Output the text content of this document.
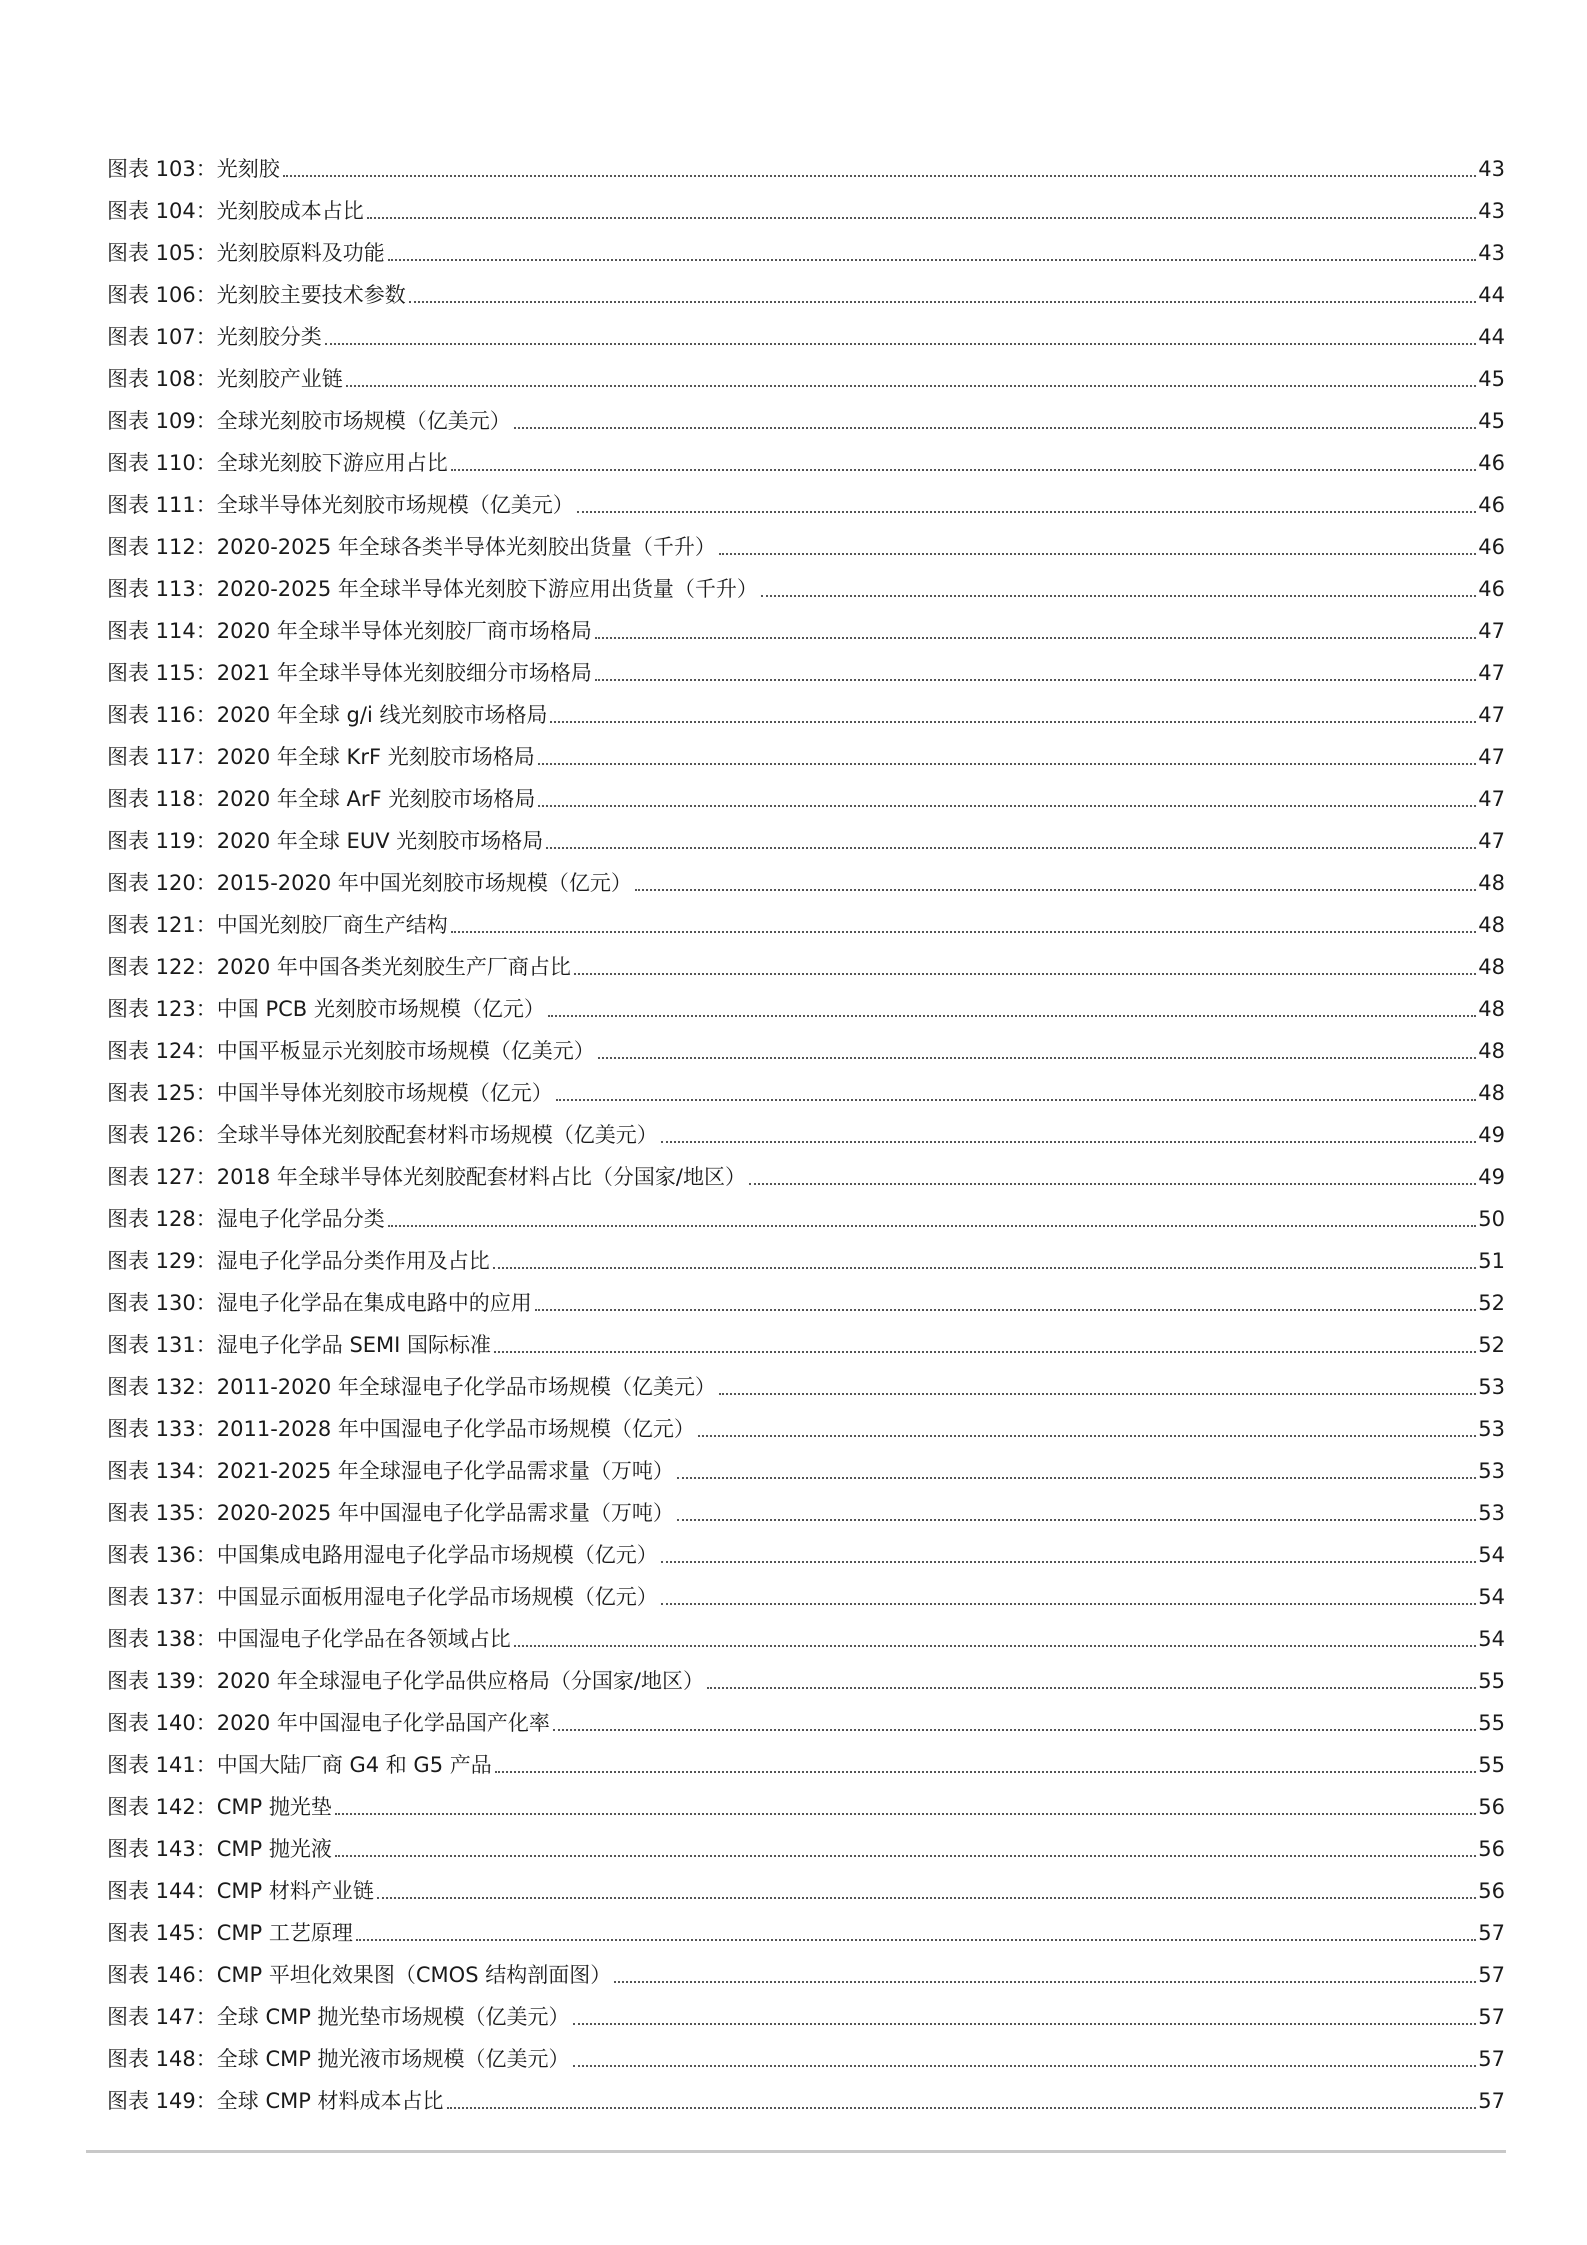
图表 103： 光刻胶	43
图表 104： 光刻胶成本占比	43
图表 105： 光刻胶原料及功能	43
图表 106： 光刻胶主要技术参数	44
图表 107： 光刻胶分类	44
图表 108： 光刻胶产业链	45
图表 109： 全球光刻胶市场规模（亿美元）	45
图表 110： 全球光刻胶下游应用占比	46
图表 111： 全球半导体光刻胶市场规模（亿美元）	46
图表 112： 2020-2025 年全球各类半导体光刻胶出货量（千升）	46
图表 113： 2020-2025 年全球半导体光刻胶下游应用出货量（千升）	46
图表 114： 2020 年全球半导体光刻胶厂商市场格局	47
图表 115： 2021 年全球半导体光刻胶细分市场格局	47
图表 116： 2020 年全球 g/i 线光刻胶市场格局	47
图表 117： 2020 年全球 KrF 光刻胶市场格局	47
图表 118： 2020 年全球 ArF 光刻胶市场格局	47
图表 119： 2020 年全球 EUV 光刻胶市场格局	47
图表 120： 2015-2020 年中国光刻胶市场规模（亿元）	48
图表 121： 中国光刻胶厂商生产结构	48
图表 122： 2020 年中国各类光刻胶生产厂商占比	48
图表 123： 中国 PCB 光刻胶市场规模（亿元）	48
图表 124： 中国平板显示光刻胶市场规模（亿美元）	48
图表 125： 中国半导体光刻胶市场规模（亿元）	48
图表 126： 全球半导体光刻胶配套材料市场规模（亿美元）	49
图表 127： 2018 年全球半导体光刻胶配套材料占比（分国家/地区）	49
图表 128： 湿电子化学品分类	50
图表 129： 湿电子化学品分类作用及占比	51
图表 130： 湿电子化学品在集成电路中的应用	52
图表 131： 湿电子化学品 SEMI 国际标准	52
图表 132： 2011-2020 年全球湿电子化学品市场规模（亿美元）	53
图表 133： 2011-2028 年中国湿电子化学品市场规模（亿元）	53
图表 134： 2021-2025 年全球湿电子化学品需求量（万吨）	53
图表 135： 2020-2025 年中国湿电子化学品需求量（万吨）	53
图表 136： 中国集成电路用湿电子化学品市场规模（亿元）	54
图表 137： 中国显示面板用湿电子化学品市场规模（亿元）	54
图表 138： 中国湿电子化学品在各领域占比	54
图表 139： 2020 年全球湿电子化学品供应格局（分国家/地区）	55
图表 140： 2020 年中国湿电子化学品国产化率	55
图表 141： 中国大陆厂商 G4 和 G5 产品	55
图表 142： CMP 抛光垫	56
图表 143： CMP 抛光液	56
图表 144： CMP 材料产业链	56
图表 145： CMP 工艺原理	57
图表 146： CMP 平坦化效果图（CMOS 结构剖面图）	57
图表 147： 全球 CMP 抛光垫市场规模（亿美元）	57
图表 148： 全球 CMP 抛光液市场规模（亿美元）	57
图表 149： 全球 CMP 材料成本占比	57
